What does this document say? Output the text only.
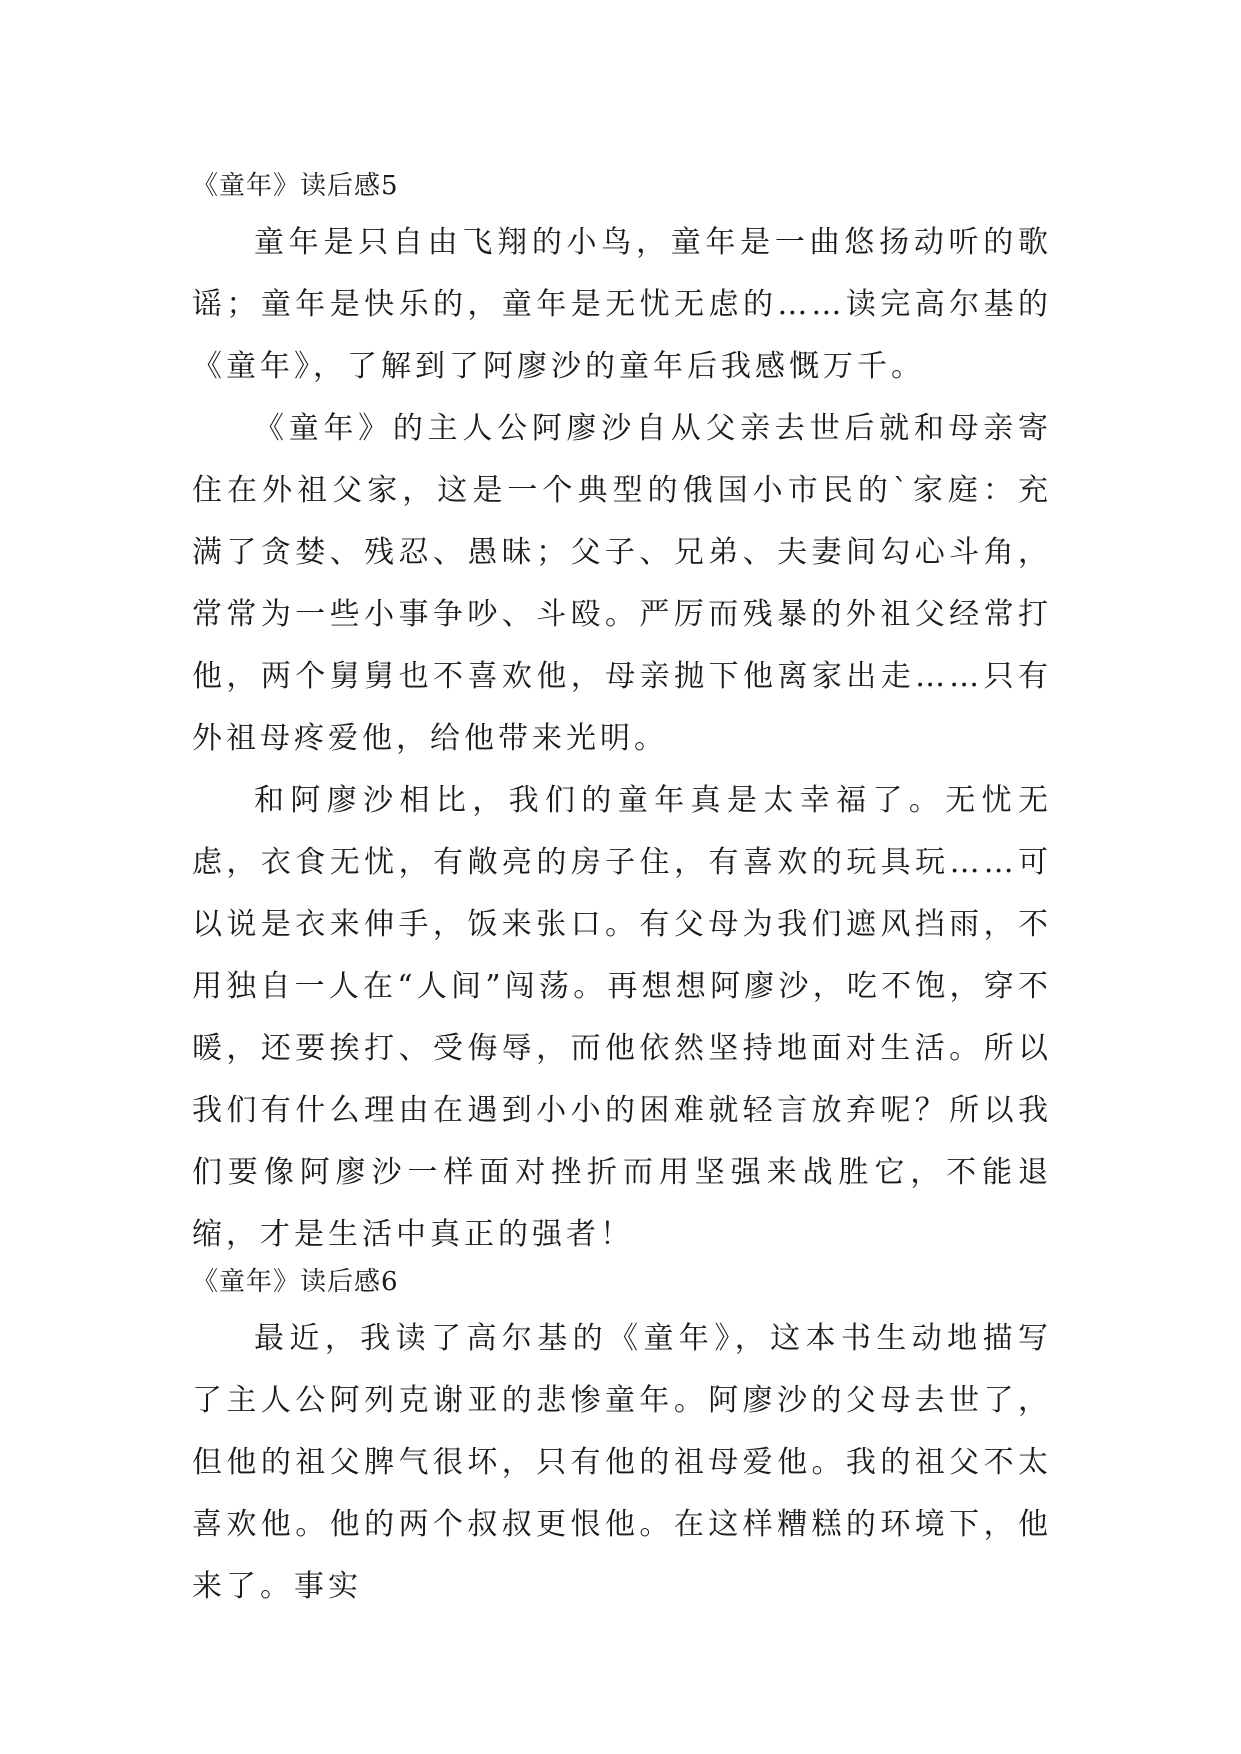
《童年》读后感5

童年是只自由飞翔的小鸟，童年是一曲悠扬动听的歌谣；童年是快乐的，童年是无忧无虑的……读完高尔基的《童年》，了解到了阿廖沙的童年后我感慨万千。

《童年》的主人公阿廖沙自从父亲去世后就和母亲寄住在外祖父家，这是一个典型的俄国小市民的`家庭：充满了贪婪、残忍、愚昧；父子、兄弟、夫妻间勾心斗角，常常为一些小事争吵、斗殴。严厉而残暴的外祖父经常打他，两个舅舅也不喜欢他，母亲抛下他离家出走……只有外祖母疼爱他，给他带来光明。

和阿廖沙相比，我们的童年真是太幸福了。无忧无虑，衣食无忧，有敞亮的房子住，有喜欢的玩具玩……可以说是衣来伸手，饭来张口。有父母为我们遮风挡雨，不用独自一人在“人间”闯荡。再想想阿廖沙，吃不饱，穿不暖，还要挨打、受侮辱，而他依然坚持地面对生活。所以我们有什么理由在遇到小小的困难就轻言放弃呢？所以我们要像阿廖沙一样面对挫折而用坚强来战胜它，不能退缩，才是生活中真正的强者！

《童年》读后感6

最近，我读了高尔基的《童年》，这本书生动地描写了主人公阿列克谢亚的悲惨童年。阿廖沙的父母去世了，但他的祖父脾气很坏，只有他的祖母爱他。我的祖父不太喜欢他。他的两个叔叔更恨他。在这样糟糕的环境下，他来了。事实
